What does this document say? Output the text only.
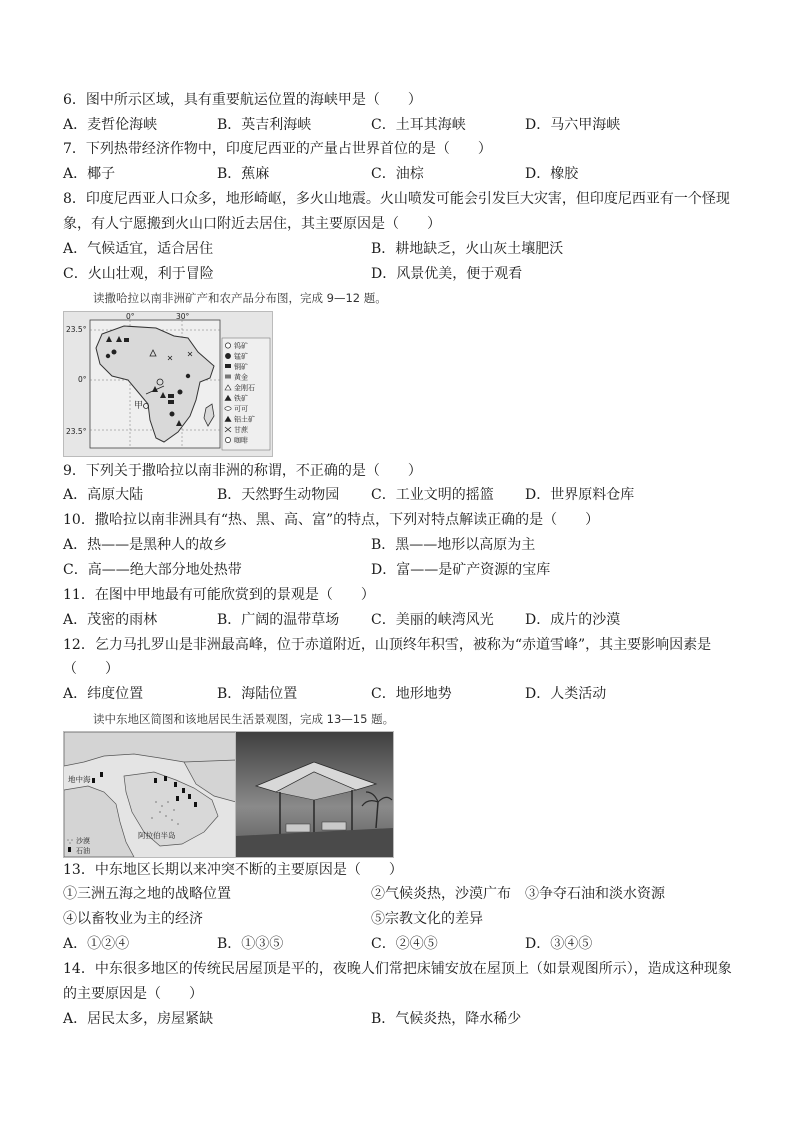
6．图中所示区域，具有重要航运位置的海峡甲是（　　）
A．麦哲伦海峡	B．英吉利海峡	C．土耳其海峡	D．马六甲海峡
7．下列热带经济作物中，印度尼西亚的产量占世界首位的是（　　）
A．椰子	B．蕉麻	C．油棕	D．橡胶
8．印度尼西亚人口众多，地形崎岖，多火山地震。火山喷发可能会引发巨大灾害，但印度尼西亚有一个怪现
象，有人宁愿搬到火山口附近去居住，其主要原因是（　　）
A．气候适宜，适合居住	B．耕地缺乏，火山灰土壤肥沃
C．火山壮观，利于冒险	D．风景优美，便于观看
读撒哈拉以南非洲矿产和农产品分布图，完成 9—12 题。
23.5°
0°
23.5°
0°	30°
甲
钨矿
锰矿
铜矿
黄金
金刚石
铁矿
可可
铝土矿
甘蔗
咖啡
9．下列关于撒哈拉以南非洲的称谓，不正确的是（　　）
A．高原大陆	B．天然野生动物园 C．工业文明的摇篮 D．世界原料仓库
10．撒哈拉以南非洲具有“热、黑、高、富”的特点，下列对特点解读正确的是（　　）
A．热——是黑种人的故乡	B．黑——地形以高原为主
C．高——绝大部分地处热带	D．富——是矿产资源的宝库
11．在图中甲地最有可能欣赏到的景观是（　　）
A．茂密的雨林	B．广阔的温带草场 C．美丽的峡湾风光 D．成片的沙漠
12．乞力马扎罗山是非洲最高峰，位于赤道附近，山顶终年积雪，被称为“赤道雪峰”，其主要影响因素是
（　　）
A．纬度位置	B．海陆位置	C．地形地势	D．人类活动
读中东地区简图和该地居民生活景观图，完成 13—15 题。
地中海
阿拉伯半岛
沙漠
石油
13．中东地区长期以来冲突不断的主要原因是（　　）
①三洲五海之地的战略位置	②气候炎热，沙漠广布 ③争夺石油和淡水资源
④以畜牧业为主的经济	⑤宗教文化的差异
A．①②④	B．①③⑤	C．②④⑤	D．③④⑤
14．中东很多地区的传统民居屋顶是平的，夜晚人们常把床铺安放在屋顶上（如景观图所示），造成这种现象
的主要原因是（　　）
A．居民太多，房屋紧缺	B．气候炎热，降水稀少
